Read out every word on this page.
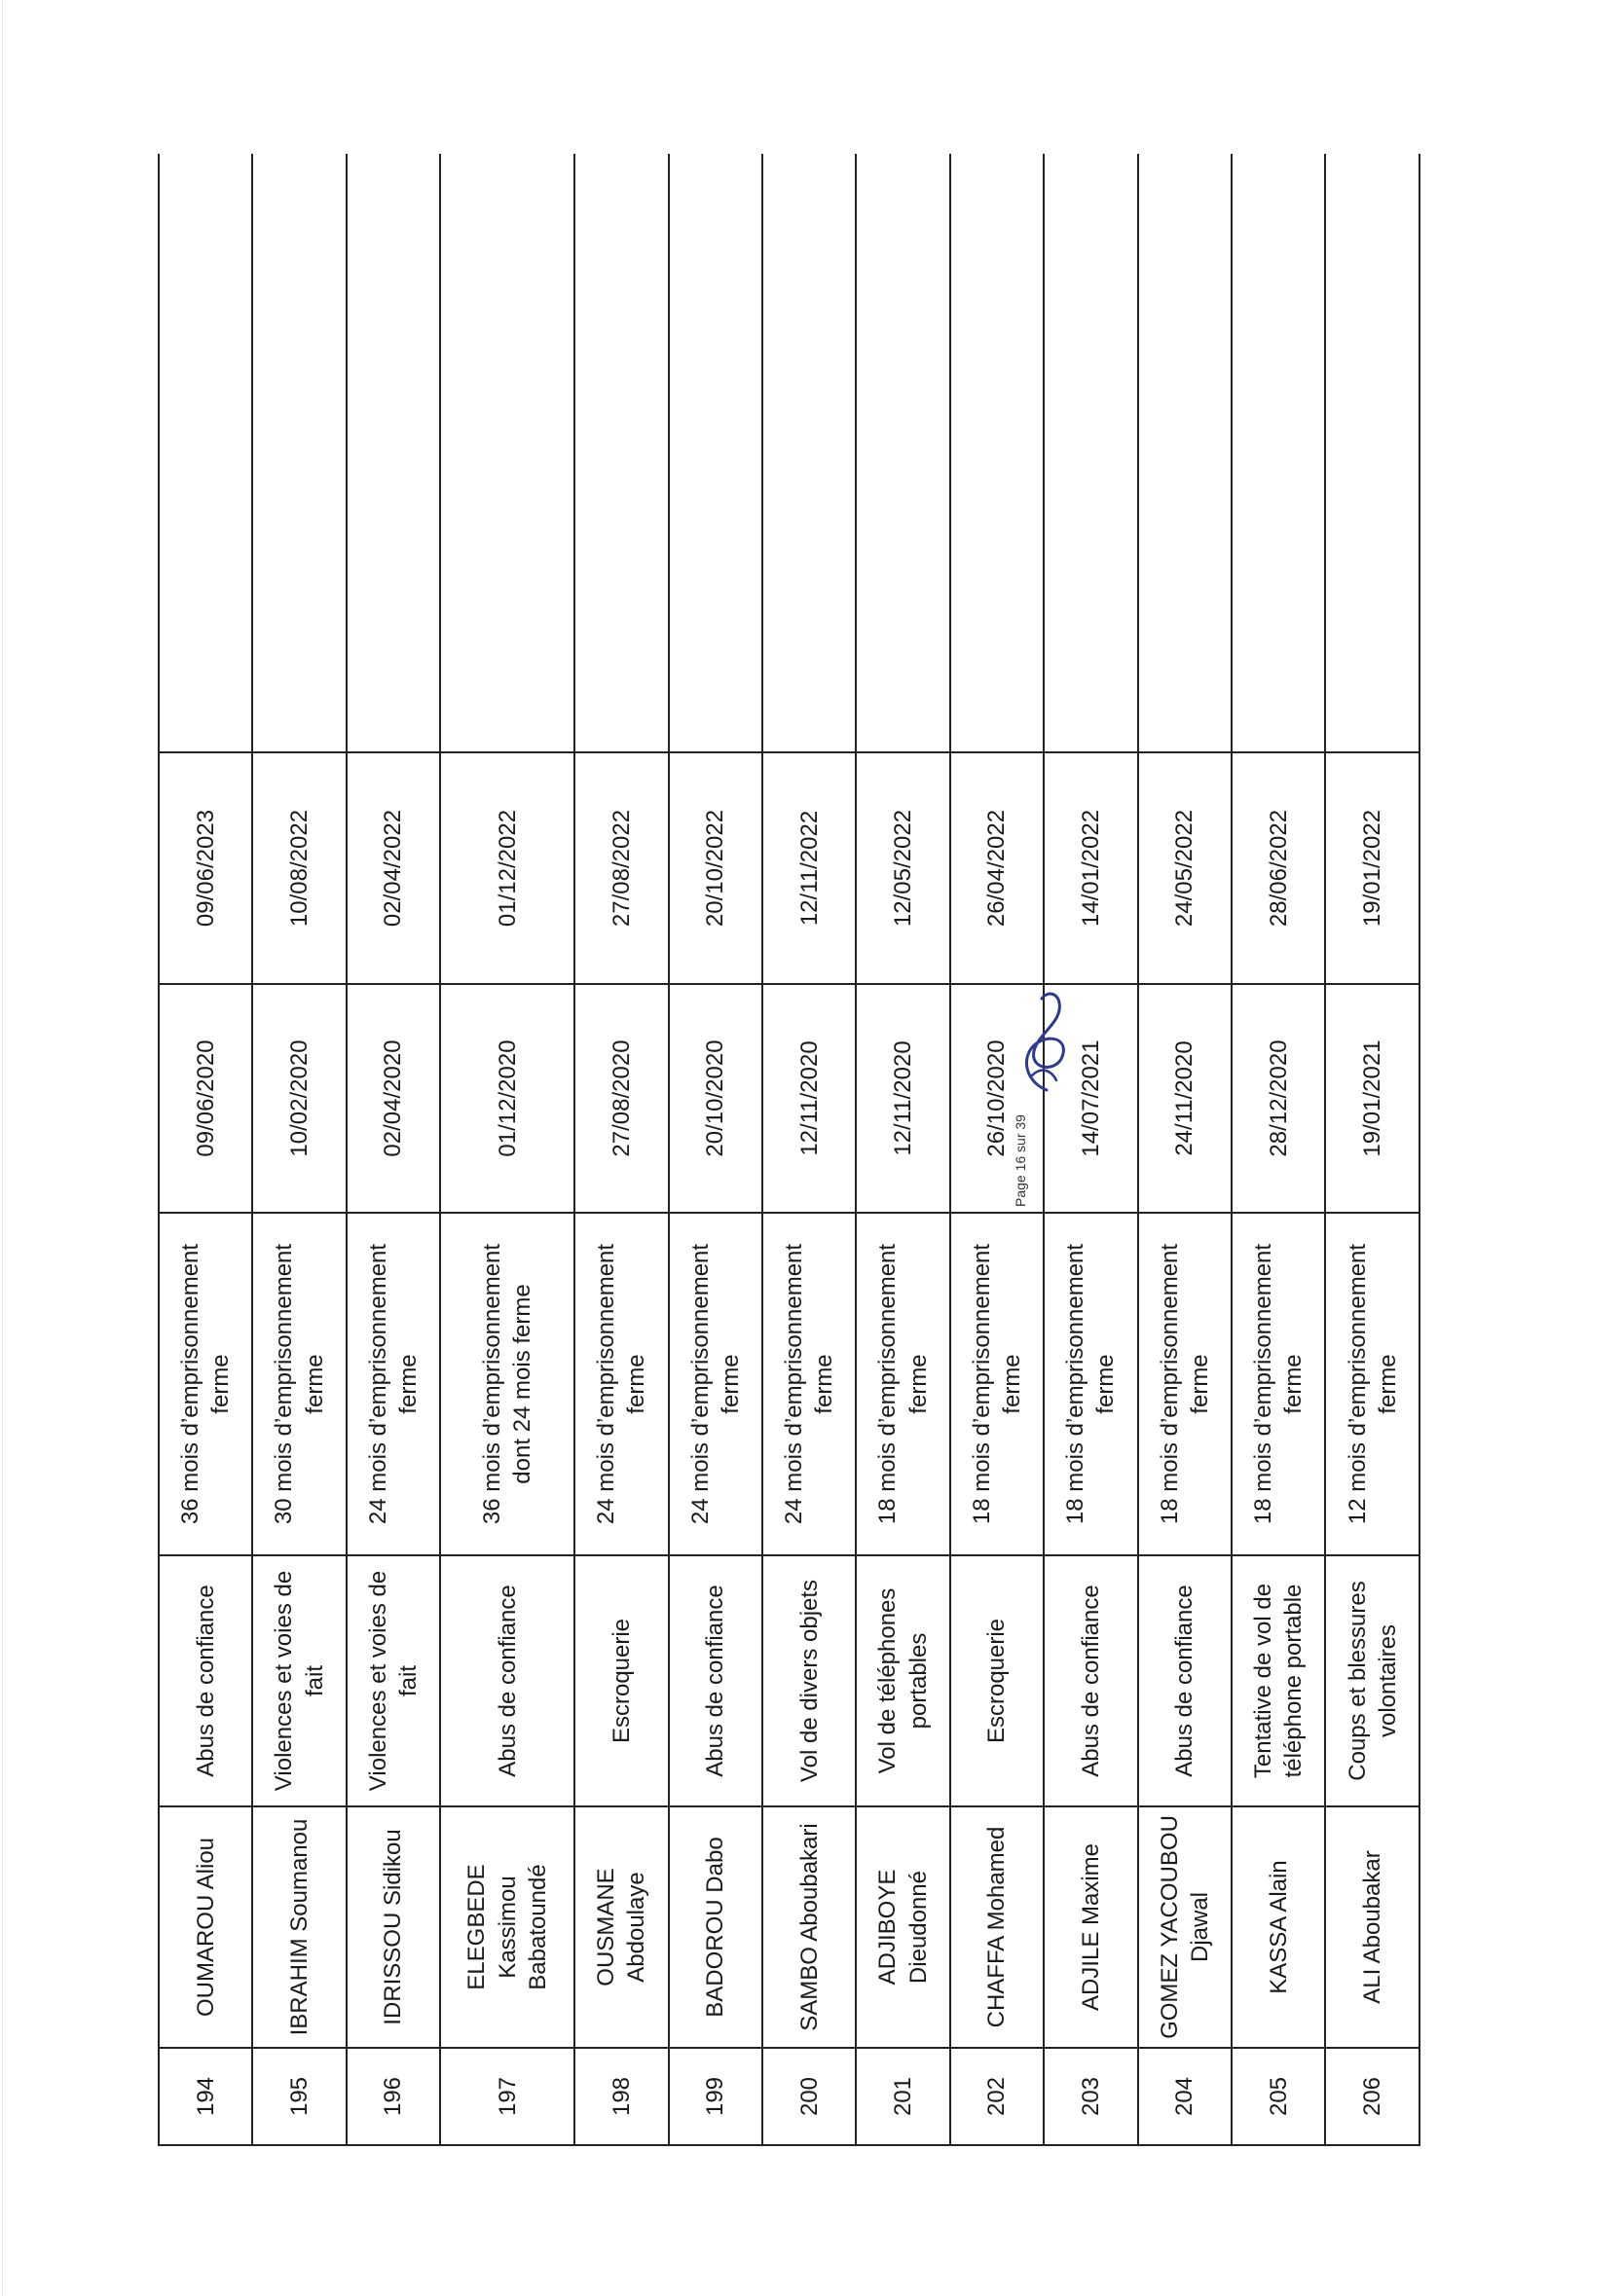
194	OUMAROU Aliou	Abus de confiance	36 mois d’emprisonnement ferme	09/06/2020	09/06/2023	
195	IBRAHIM Soumanou	Violences et voies de fait	30 mois d’emprisonnement ferme	10/02/2020	10/08/2022	
196	IDRISSOU Sidikou	Violences et voies de fait	24 mois d’emprisonnement ferme	02/04/2020	02/04/2022	
197	ELEGBEDE Kassimou Babatoundé	Abus de confiance	36 mois d’emprisonnement dont 24 mois ferme	01/12/2020	01/12/2022	
198	OUSMANE Abdoulaye	Escroquerie	24 mois d’emprisonnement ferme	27/08/2020	27/08/2022	
199	BADOROU Dabo	Abus de confiance	24 mois d’emprisonnement ferme	20/10/2020	20/10/2022	
200	SAMBO Aboubakari	Vol de divers objets	24 mois d’emprisonnement ferme	12/11/2020	12/11/2022	
201	ADJIBOYE Dieudonné	Vol de téléphones portables	18 mois d’emprisonnement ferme	12/11/2020	12/05/2022	
202	CHAFFA Mohamed	Escroquerie	18 mois d’emprisonnement ferme	26/10/2020	26/04/2022	
203	ADJILE Maxime	Abus de confiance	18 mois d’emprisonnement ferme	14/07/2021	14/01/2022	
204	GOMEZ YACOUBOU Djawal	Abus de confiance	18 mois d’emprisonnement ferme	24/11/2020	24/05/2022	
205	KASSA Alain	Tentative de vol de téléphone portable	18 mois d’emprisonnement ferme	28/12/2020	28/06/2022	
206	ALI Aboubakar	Coups et blessures volontaires	12 mois d’emprisonnement ferme	19/01/2021	19/01/2022	
Page 16 sur 39
